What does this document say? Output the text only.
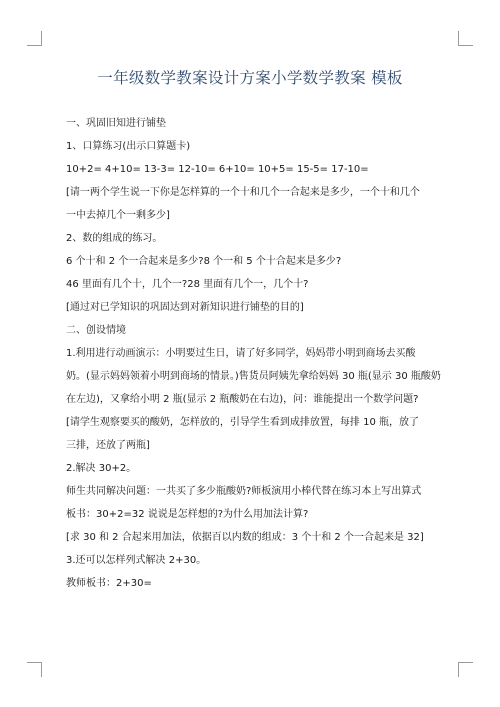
一年级数学教案设计方案小学数学教案 模板

一、巩固旧知进行铺垫

1、口算练习(出示口算题卡)

10+2= 4+10= 13-3= 12-10= 6+10= 10+5= 15-5= 17-10=

[请一两个学生说一下你是怎样算的一个十和几个一合起来是多少，一个十和几个

一中去掉几个一剩多少]

2、数的组成的练习。

6 个十和 2 个一合起来是多少?8 个一和 5 个十合起来是多少?

46 里面有几个十，几个一?28 里面有几个一，几个十?

[通过对已学知识的巩固达到对新知识进行铺垫的目的]

二、创设情境

1.利用进行动画演示：小明要过生日，请了好多同学，妈妈带小明到商场去买酸

奶。(显示妈妈领着小明到商场的情景。)售货员阿姨先拿给妈妈 30 瓶(显示 30 瓶酸奶

在左边)，又拿给小明 2 瓶(显示 2 瓶酸奶在右边)，问：谁能提出一个数学问题?

[请学生观察要买的酸奶，怎样放的，引导学生看到成排放置，每排 10 瓶，放了

三排，还放了两瓶]

2.解决 30+2。

师生共同解决问题：一共买了多少瓶酸奶?师板演用小棒代替在练习本上写出算式

板书：30+2=32 说说是怎样想的?为什么用加法计算?

[求 30 和 2 合起来用加法，依据百以内数的组成：3 个十和 2 个一合起来是 32]

3.还可以怎样列式解决 2+30。

教师板书：2+30=
